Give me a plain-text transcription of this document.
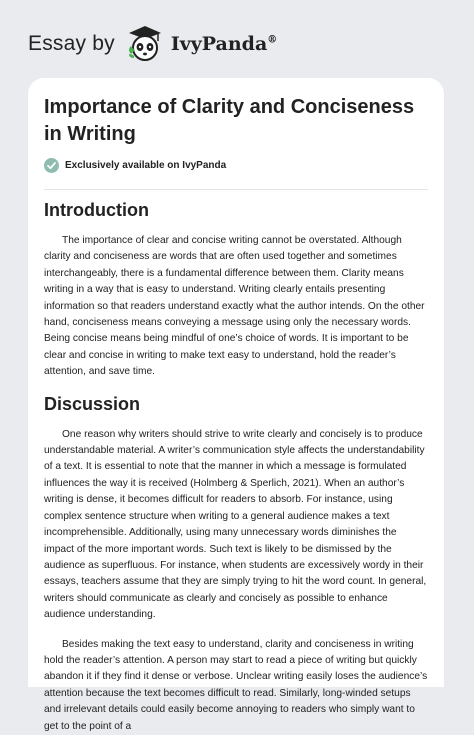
Essay by	IvyPanda®
Importance of Clarity and Conciseness in Writing
Exclusively available on IvyPanda
Introduction

The importance of clear and concise writing cannot be overstated. Although clarity and conciseness are words that are often used together and sometimes interchangeably, there is a fundamental difference between them. Clarity means writing in a way that is easy to understand. Writing clearly entails presenting information so that readers understand exactly what the author intends. On the other hand, conciseness means conveying a message using only the necessary words. Being concise means being mindful of one’s choice of words. It is important to be clear and concise in writing to make text easy to understand, hold the reader’s attention, and save time.

Discussion

One reason why writers should strive to write clearly and concisely is to produce understandable material. A writer’s communication style affects the understandability of a text. It is essential to note that the manner in which a message is formulated influences the way it is received (Holmberg & Sperlich, 2021). When an author’s writing is dense, it becomes difficult for readers to absorb. For instance, using complex sentence structure when writing to a general audience makes a text incomprehensible. Additionally, using many unnecessary words diminishes the impact of the more important words. Such text is likely to be dismissed by the audience as superfluous. For instance, when students are excessively wordy in their essays, teachers assume that they are simply trying to hit the word count. In general, writers should communicate as clearly and concisely as possible to enhance audience understanding.

Besides making the text easy to understand, clarity and conciseness in writing hold the reader’s attention. A person may start to read a piece of writing but quickly abandon it if they find it dense or verbose. Unclear writing easily loses the audience’s attention because the text becomes difficult to read. Similarly, long-winded setups and irrelevant details could easily become annoying to readers who simply want to get to the point of a
